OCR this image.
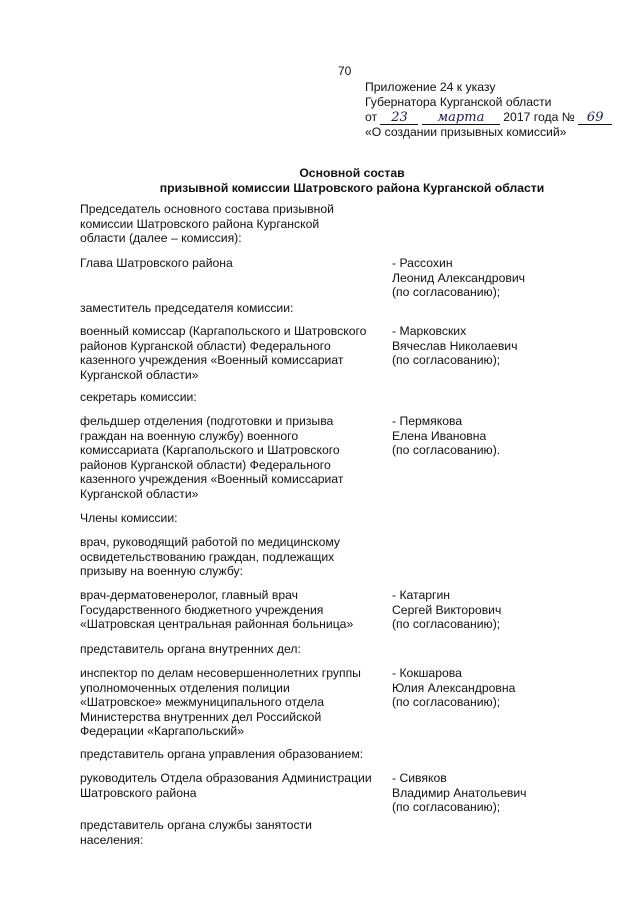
70
Приложение 24 к указу
Губернатора Курганской области
от 23 марта 2017 года № 69
«О создании призывных комиссий»
Основной состав
призывной комиссии Шатровского района Курганской области
Председатель основного состава призывной
комиссии Шатровского района Курганской
области (далее – комиссия):
Глава Шатровского района	- Рассохин
Леонид Александрович
(по согласованию);
заместитель председателя комиссии:
военный комиссар (Каргапольского и Шатровского
районов Курганской области) Федерального
казенного учреждения «Военный комиссариат
Курганской области»
- Марковских
Вячеслав Николаевич
(по согласованию);
секретарь комиссии:
фельдшер отделения (подготовки и призыва
граждан на военную службу) военного
комиссариата (Каргапольского и Шатровского
районов Курганской области) Федерального
казенного учреждения «Военный комиссариат
Курганской области»
- Пермякова
Елена Ивановна
(по согласованию).
Члены комиссии:
врач, руководящий работой по медицинскому
освидетельствованию граждан, подлежащих
призыву на военную службу:
врач-дерматовенеролог, главный врач
Государственного бюджетного учреждения
«Шатровская центральная районная больница»
- Катаргин
Сергей Викторович
(по согласованию);
представитель органа внутренних дел:
инспектор по делам несовершеннолетних группы
уполномоченных отделения полиции
«Шатровское» межмуниципального отдела
Министерства внутренних дел Российской
Федерации «Каргапольский»
- Кокшарова
Юлия Александровна
(по согласованию);
представитель органа управления образованием:
руководитель Отдела образования Администрации
Шатровского района
- Сивяков
Владимир Анатольевич
(по согласованию);
представитель органа службы занятости
населения:
